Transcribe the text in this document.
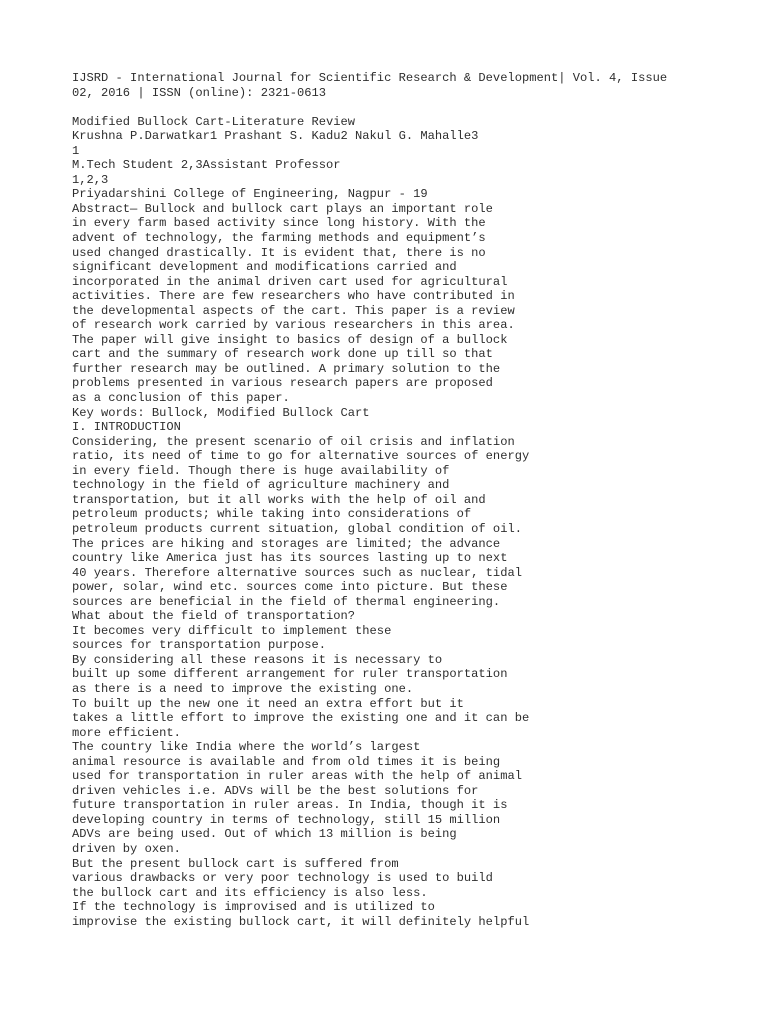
IJSRD - International Journal for Scientific Research & Development| Vol. 4, Issue
02, 2016 | ISSN (online): 2321-0613
Modified Bullock Cart-Literature Review
Krushna P.Darwatkar1 Prashant S. Kadu2 Nakul G. Mahalle3
1
M.Tech Student 2,3Assistant Professor
1,2,3
Priyadarshini College of Engineering, Nagpur - 19
Abstract— Bullock and bullock cart plays an important role
in every farm based activity since long history. With the
advent of technology, the farming methods and equipment’s
used changed drastically. It is evident that, there is no
significant development and modifications carried and
incorporated in the animal driven cart used for agricultural
activities. There are few researchers who have contributed in
the developmental aspects of the cart. This paper is a review
of research work carried by various researchers in this area.
The paper will give insight to basics of design of a bullock
cart and the summary of research work done up till so that
further research may be outlined. A primary solution to the
problems presented in various research papers are proposed
as a conclusion of this paper.
Key words: Bullock, Modified Bullock Cart
I. INTRODUCTION
Considering, the present scenario of oil crisis and inflation
ratio, its need of time to go for alternative sources of energy
in every field. Though there is huge availability of
technology in the field of agriculture machinery and
transportation, but it all works with the help of oil and
petroleum products; while taking into considerations of
petroleum products current situation, global condition of oil.
The prices are hiking and storages are limited; the advance
country like America just has its sources lasting up to next
40 years. Therefore alternative sources such as nuclear, tidal
power, solar, wind etc. sources come into picture. But these
sources are beneficial in the field of thermal engineering.
What about the field of transportation?
It becomes very difficult to implement these
sources for transportation purpose.
By considering all these reasons it is necessary to
built up some different arrangement for ruler transportation
as there is a need to improve the existing one.
To built up the new one it need an extra effort but it
takes a little effort to improve the existing one and it can be
more efficient.
The country like India where the world’s largest
animal resource is available and from old times it is being
used for transportation in ruler areas with the help of animal
driven vehicles i.e. ADVs will be the best solutions for
future transportation in ruler areas. In India, though it is
developing country in terms of technology, still 15 million
ADVs are being used. Out of which 13 million is being
driven by oxen.
But the present bullock cart is suffered from
various drawbacks or very poor technology is used to build
the bullock cart and its efficiency is also less.
If the technology is improvised and is utilized to
improvise the existing bullock cart, it will definitely helpful
